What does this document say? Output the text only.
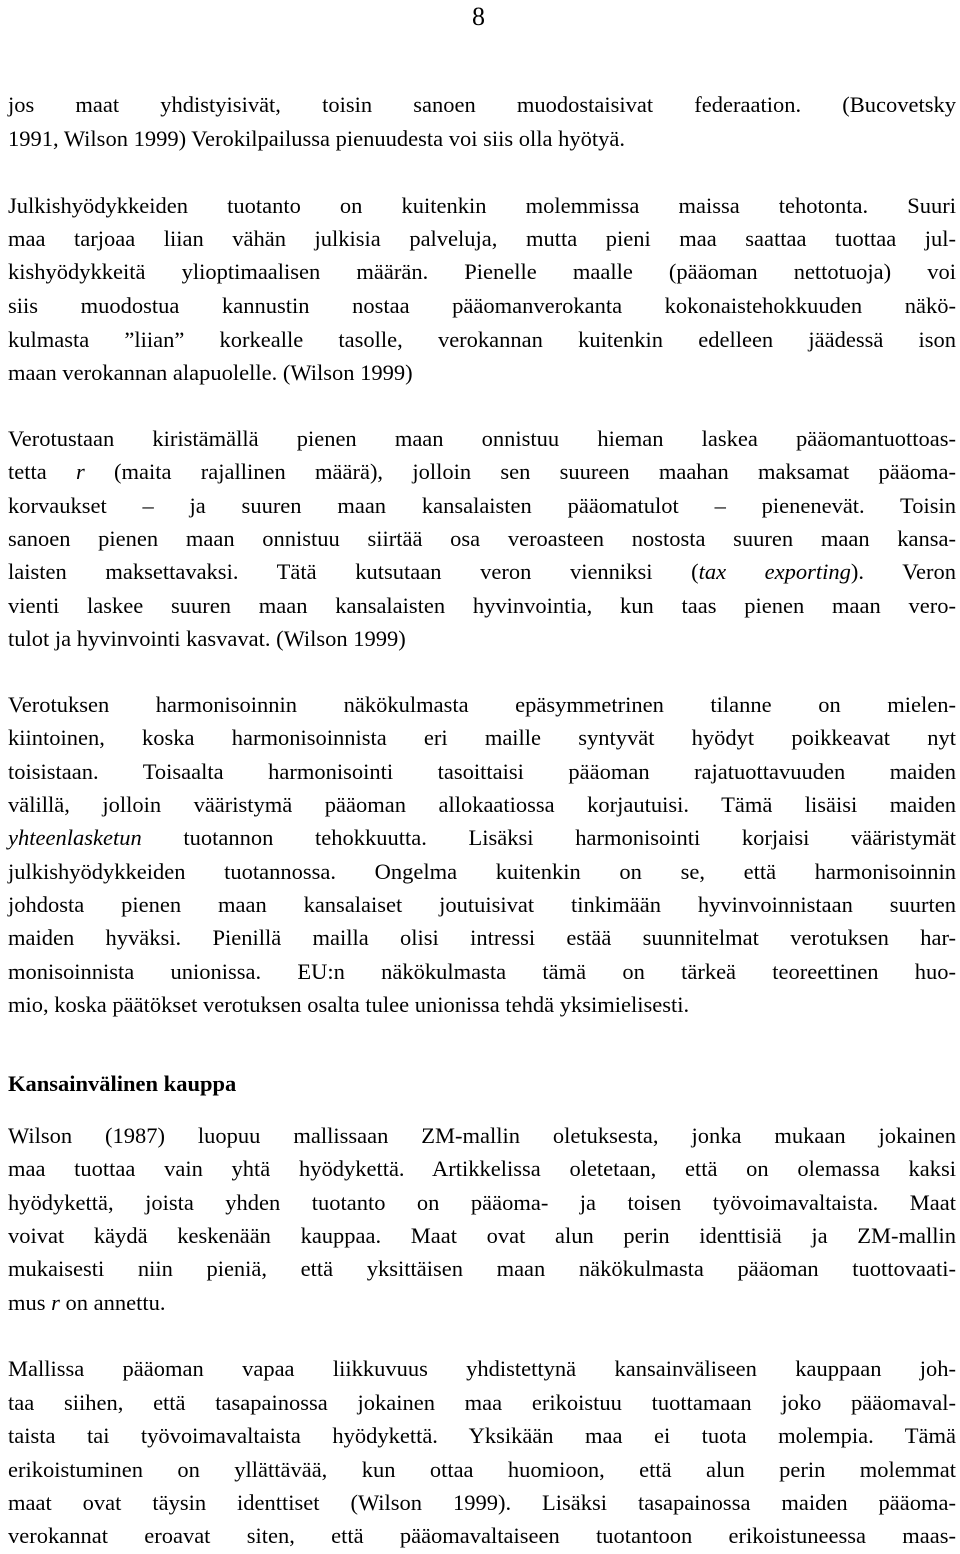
8
jos maat yhdistyisivät, toisin sanoen muodostaisivat federaation. (Bucovetsky
1991, Wilson 1999) Verokilpailussa pienuudesta voi siis olla hyötyä.
Julkishyödykkeiden tuotanto on kuitenkin molemmissa maissa tehotonta. Suuri
maa tarjoaa liian vähän julkisia palveluja, mutta pieni maa saattaa tuottaa jul-
kishyödykkeitä ylioptimaalisen määrän. Pienelle maalle (pääoman nettotuoja) voi
siis muodostua kannustin nostaa pääomanverokanta kokonaistehokkuuden näkö-
kulmasta ”liian” korkealle tasolle, verokannan kuitenkin edelleen jäädessä ison
maan verokannan alapuolelle. (Wilson 1999)
Verotustaan kiristämällä pienen maan onnistuu hieman laskea pääomantuottoas-
tetta r (maita rajallinen määrä), jolloin sen suureen maahan maksamat pääoma-
korvaukset – ja suuren maan kansalaisten pääomatulot – pienenevät. Toisin
sanoen pienen maan onnistuu siirtää osa veroasteen nostosta suuren maan kansa-
laisten maksettavaksi. Tätä kutsutaan veron vienniksi (tax exporting). Veron
vienti laskee suuren maan kansalaisten hyvinvointia, kun taas pienen maan vero-
tulot ja hyvinvointi kasvavat. (Wilson 1999)
Verotuksen harmonisoinnin näkökulmasta epäsymmetrinen tilanne on mielen-
kiintoinen, koska harmonisoinnista eri maille syntyvät hyödyt poikkeavat nyt
toisistaan. Toisaalta harmonisointi tasoittaisi pääoman rajatuottavuuden maiden
välillä, jolloin vääristymä pääoman allokaatiossa korjautuisi. Tämä lisäisi maiden
yhteenlasketun tuotannon tehokkuutta. Lisäksi harmonisointi korjaisi vääristymät
julkishyödykkeiden tuotannossa. Ongelma kuitenkin on se, että harmonisoinnin
johdosta pienen maan kansalaiset joutuisivat tinkimään hyvinvoinnistaan suurten
maiden hyväksi. Pienillä mailla olisi intressi estää suunnitelmat verotuksen har-
monisoinnista unionissa. EU:n näkökulmasta tämä on tärkeä teoreettinen huo-
mio, koska päätökset verotuksen osalta tulee unionissa tehdä yksimielisesti.
Kansainvälinen kauppa
Wilson (1987) luopuu mallissaan ZM-mallin oletuksesta, jonka mukaan jokainen
maa tuottaa vain yhtä hyödykettä. Artikkelissa oletetaan, että on olemassa kaksi
hyödykettä, joista yhden tuotanto on pääoma- ja toisen työvoimavaltaista. Maat
voivat käydä keskenään kauppaa. Maat ovat alun perin identtisiä ja ZM-mallin
mukaisesti niin pieniä, että yksittäisen maan näkökulmasta pääoman tuottovaati-
mus r on annettu.
Mallissa pääoman vapaa liikkuvuus yhdistettynä kansainväliseen kauppaan joh-
taa siihen, että tasapainossa jokainen maa erikoistuu tuottamaan joko pääomaval-
taista tai työvoimavaltaista hyödykettä. Yksikään maa ei tuota molempia. Tämä
erikoistuminen on yllättävää, kun ottaa huomioon, että alun perin molemmat
maat ovat täysin identtiset (Wilson 1999). Lisäksi tasapainossa maiden pääoma-
verokannat eroavat siten, että pääomavaltaiseen tuotantoon erikoistuneessa maas-
